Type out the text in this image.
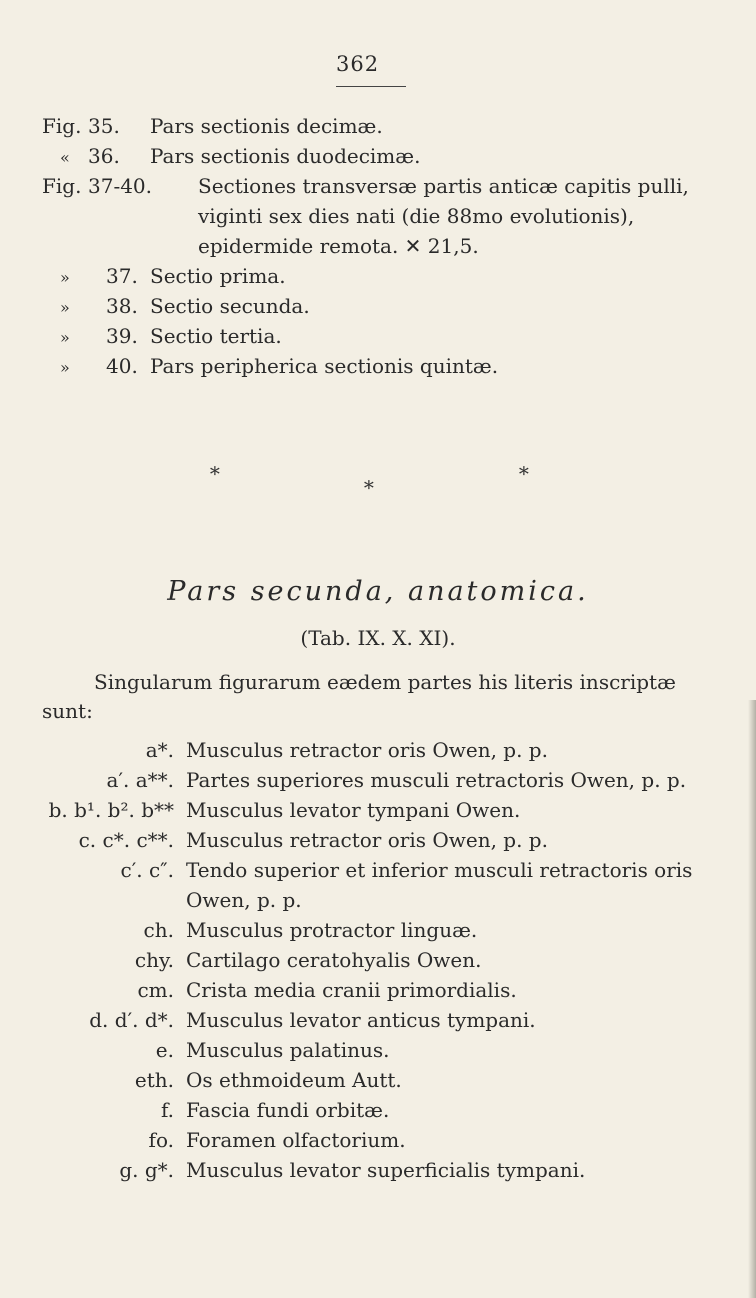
362
Fig. 35. Pars sectionis decimæ.
« 36. Pars sectionis duodecimæ.
Fig. 37-40. Sectiones transversæ partis anticæ capitis pulli,
viginti sex dies nati (die 88mo evolutionis),
epidermide remota. ✕ 21,5.
» 37. Sectio prima.
» 38. Sectio secunda.
» 39. Sectio tertia.
» 40. Pars peripherica sectionis quintæ.
∗	∗
∗
Pars secunda, anatomica.
(Tab. IX. X. XI).
Singularum figurarum eædem partes his literis inscriptæ sunt:
a*. Musculus retractor oris Owen, p. p.
a′. a**. Partes superiores musculi retractoris Owen, p. p.
b. b¹. b². b** Musculus levator tympani Owen.
c. c*. c**. Musculus retractor oris Owen, p. p.
c′. c″. Tendo superior et inferior musculi retractoris oris
Owen, p. p.
ch. Musculus protractor linguæ.
chy. Cartilago ceratohyalis Owen.
cm. Crista media cranii primordialis.
d. d′. d*. Musculus levator anticus tympani.
e. Musculus palatinus.
eth. Os ethmoideum Autt.
f. Fascia fundi orbitæ.
fo. Foramen olfactorium.
g. g*. Musculus levator superficialis tympani.
